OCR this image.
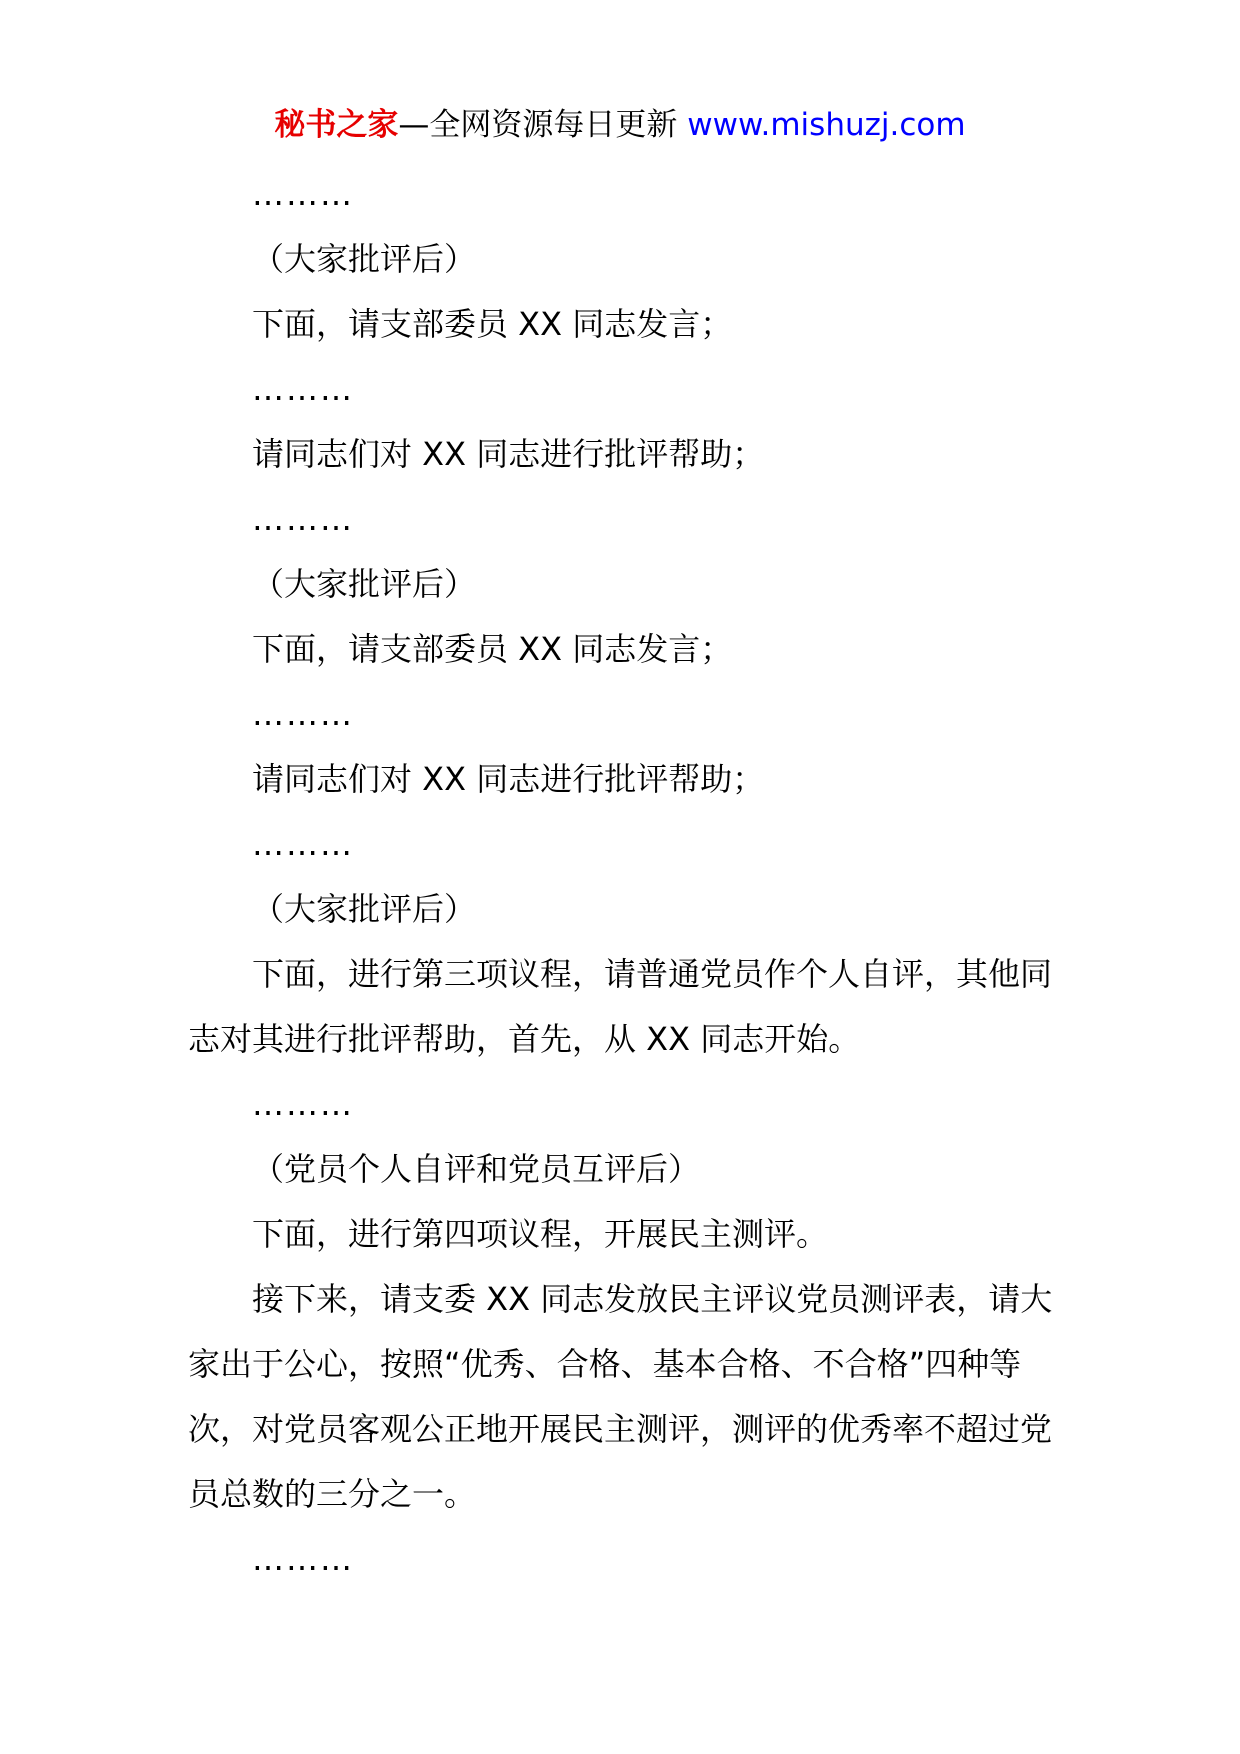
秘书之家—全网资源每日更新 www.mishuzj.com

………

（大家批评后）

下面，请支部委员 XX 同志发言；

………

请同志们对 XX 同志进行批评帮助；

………

（大家批评后）

下面，请支部委员 XX 同志发言；

………

请同志们对 XX 同志进行批评帮助；

………

（大家批评后）

下面，进行第三项议程，请普通党员作个人自评，其他同志对其进行批评帮助，首先，从 XX 同志开始。

………

（党员个人自评和党员互评后）

下面，进行第四项议程，开展民主测评。

接下来，请支委 XX 同志发放民主评议党员测评表，请大家出于公心，按照“优秀、合格、基本合格、不合格”四种等次，对党员客观公正地开展民主测评，测评的优秀率不超过党员总数的三分之一。

………
